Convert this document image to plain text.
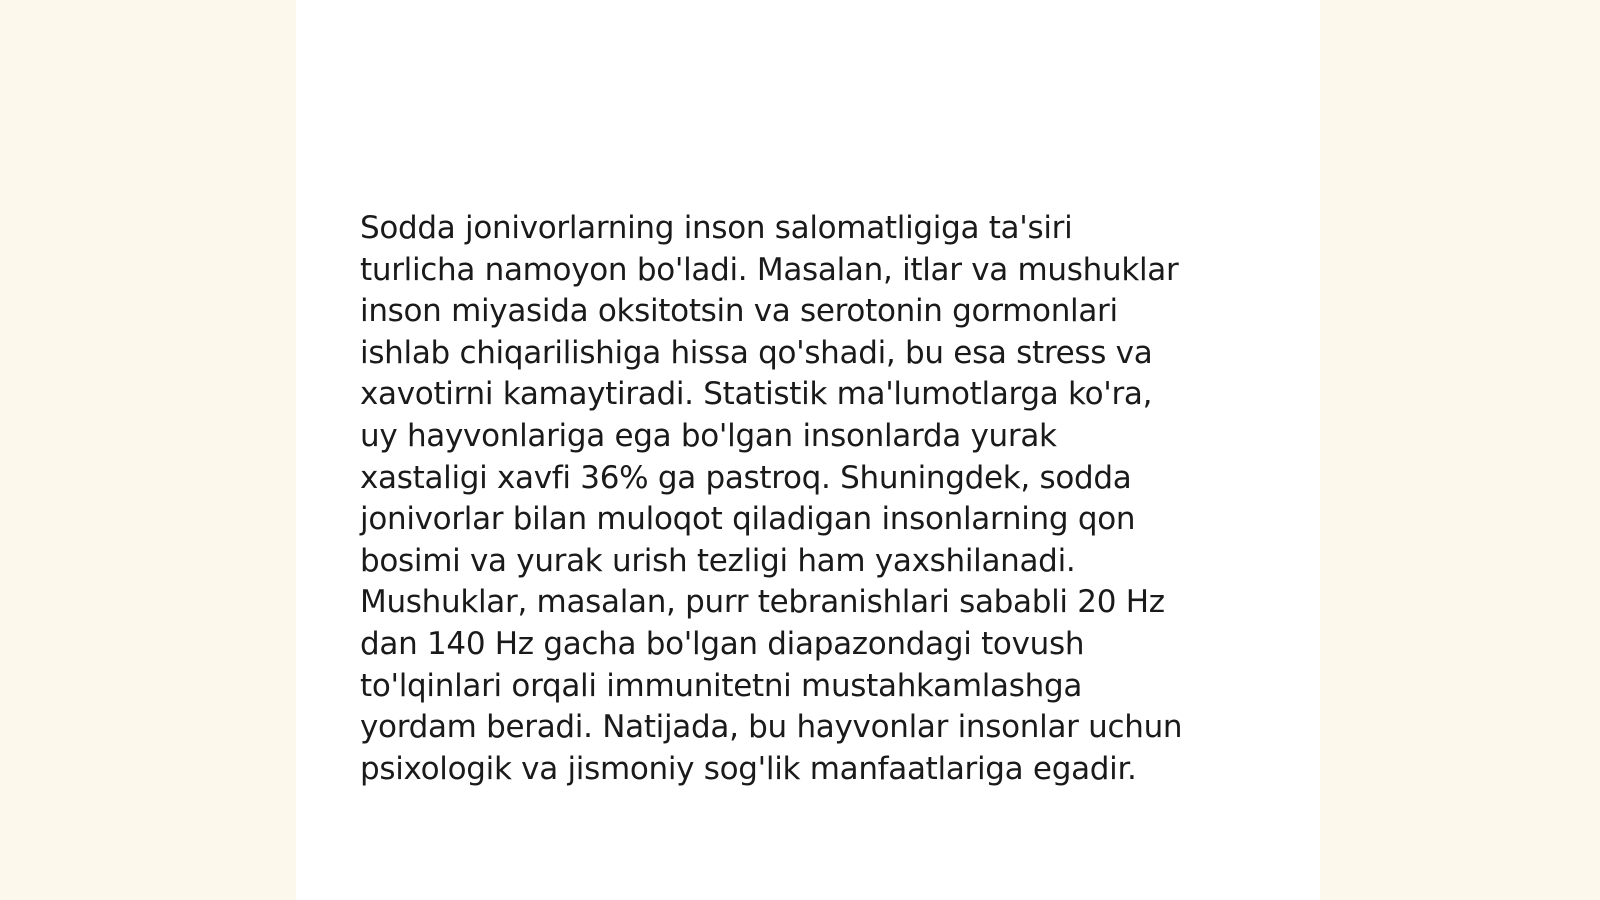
Sodda jonivorlarning inson salomatligiga ta'siri
turlicha namoyon bo'ladi. Masalan, itlar va mushuklar
inson miyasida oksitotsin va serotonin gormonlari
ishlab chiqarilishiga hissa qo'shadi, bu esa stress va
xavotirni kamaytiradi. Statistik ma'lumotlarga ko'ra,
uy hayvonlariga ega bo'lgan insonlarda yurak
xastaligi xavfi 36% ga pastroq. Shuningdek, sodda
jonivorlar bilan muloqot qiladigan insonlarning qon
bosimi va yurak urish tezligi ham yaxshilanadi.
Mushuklar, masalan, purr tebranishlari sababli 20 Hz
dan 140 Hz gacha bo'lgan diapazondagi tovush
to'lqinlari orqali immunitetni mustahkamlashga
yordam beradi. Natijada, bu hayvonlar insonlar uchun
psixologik va jismoniy sog'lik manfaatlariga egadir.
